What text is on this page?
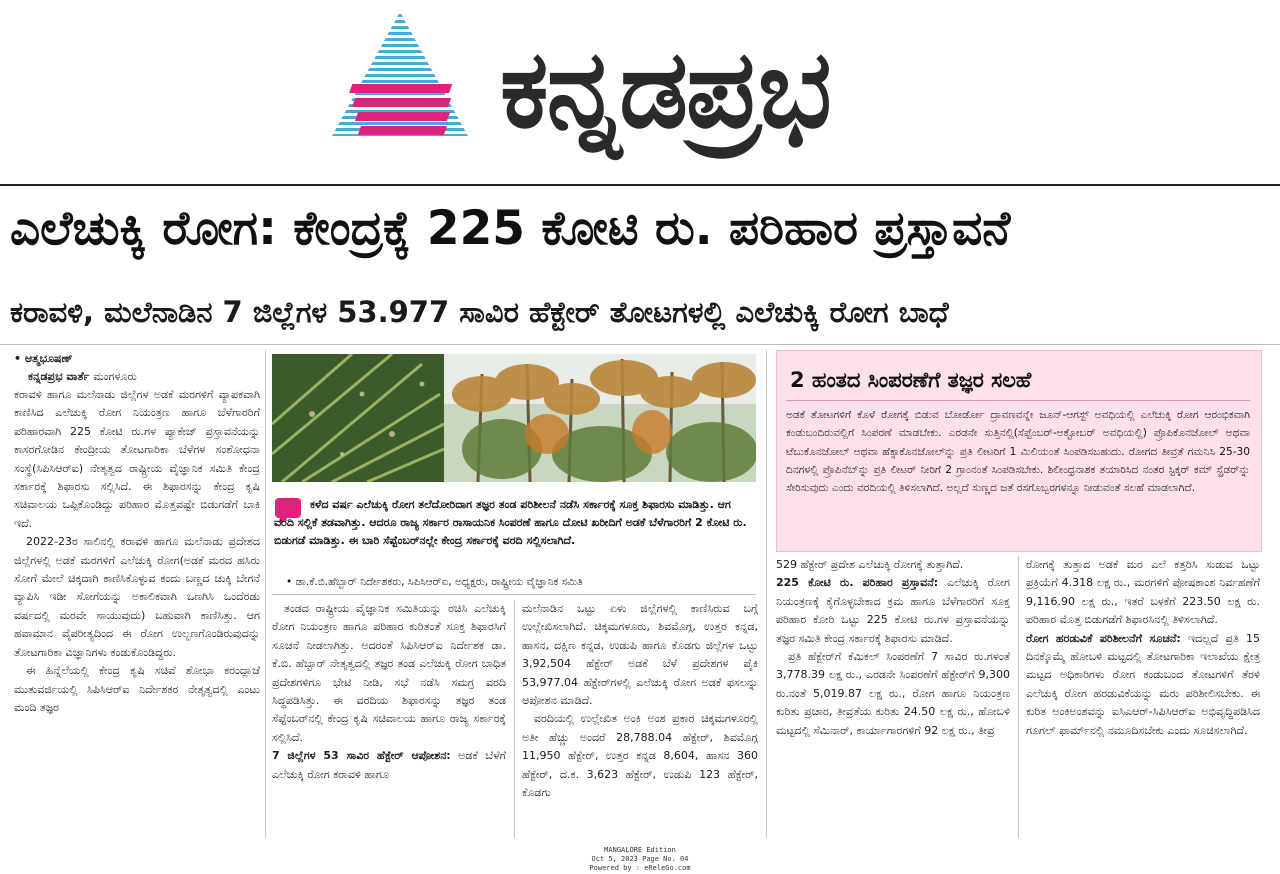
ಕನ್ನಡಪ್ರಭ
ಎಲೆಚುಕ್ಕಿ ರೋಗ: ಕೇಂದ್ರಕ್ಕೆ 225 ಕೋಟಿ ರು. ಪರಿಹಾರ ಪ್ರಸ್ತಾವನೆ
ಕರಾವಳಿ, ಮಲೆನಾಡಿನ 7 ಜಿಲ್ಲೆಗಳ 53.977 ಸಾವಿರ ಹೆಕ್ಟೇರ್ ತೋಟಗಳಲ್ಲಿ ಎಲೆಚುಕ್ಕಿ ರೋಗ ಬಾಧೆ
• ಆತ್ಮಭೂಷಣ್
ಕನ್ನಡಪ್ರಭ ವಾರ್ತೆ ಮಂಗಳೂರು

ಕರಾವಳಿ ಹಾಗೂ ಮಲೆನಾಡು ಜಿಲ್ಲೆಗಳ ಅಡಕೆ ಮರಗಳಿಗೆ ವ್ಯಾಪಕವಾಗಿ ಕಾಣಿಸಿದ ಎಲೆಚುಕ್ಕಿ ರೋಗ ನಿಯಂತ್ರಣ ಹಾಗೂ ಬೆಳೆಗಾರರಿಗೆ ಪರಿಹಾರವಾಗಿ 225 ಕೋಟಿ ರು.ಗಳ ಪ್ಯಾಕೇಜ್ ಪ್ರಸ್ತಾವನೆಯನ್ನು ಕಾಸರಗೋಡಿನ ಕೇಂದ್ರೀಯ ತೋಟಗಾರಿಕಾ ಬೆಳೆಗಳ ಸಂಶೋಧನಾ ಸಂಸ್ಥೆ(ಸಿಪಿಸಿಆರ್‌ಐ) ನೇತೃತ್ವದ ರಾಷ್ಟ್ರೀಯ ವೈಜ್ಞಾನಿಕ ಸಮಿತಿ ಕೇಂದ್ರ ಸರ್ಕಾರಕ್ಕೆ ಶಿಫಾರಸು ಸಲ್ಲಿಸಿದೆ. ಈ ಶಿಫಾರಸನ್ನು ಕೇಂದ್ರ ಕೃಷಿ ಸಚಿವಾಲಯ ಒಪ್ಪಿಕೊಂಡಿದ್ದು ಪರಿಹಾರ ಮೊತ್ತವಷ್ಟೇ ಬಿಡುಗಡೆಗೆ ಬಾಕಿ ಇದೆ.

2022-23ರ ಸಾಲಿನಲ್ಲಿ ಕರಾವಳಿ ಹಾಗೂ ಮಲೆನಾಡು ಪ್ರದೇಶದ ಜಿಲ್ಲೆಗಳಲ್ಲಿ ಅಡಕೆ ಮರಗಳಿಗೆ ಎಲೆಚುಕ್ಕಿ ರೋಗ(ಅಡಕೆ ಮರದ ಹಸಿರು ಸೋಗೆ ಮೇಲೆ ಚಿಕ್ಕದಾಗಿ ಕಾಣಿಸಿಕೊಳ್ಳುವ ಕಂದು ಬಣ್ಣದ ಚುಕ್ಕಿ ಬೇಗನೆ ವ್ಯಾಪಿಸಿ ಇಡೀ ಸೋಗೆಯನ್ನು ಅಕಾಲಿಕವಾಗಿ ಒಣಗಿಸಿ ಒಂದೆರಡು ವರ್ಷದಲ್ಲಿ ಮರವೇ ಸಾಯುವುದು) ಬಹುವಾಗಿ ಕಾಣಿಸಿತ್ತು. ಆಗ ಹವಾಮಾನ ವೈಪರೀತ್ಯದಿಂದ ಈ ರೋಗ ಉಲ್ಬಣಗೊಂಡಿರುವುದನ್ನು ತೋಟಗಾರಿಕಾ ವಿಜ್ಞಾನಿಗಳು ಕಂಡುಕೊಂಡಿದ್ದರು.

ಈ ಹಿನ್ನೆಲೆಯಲ್ಲಿ ಕೇಂದ್ರ ಕೃಷಿ ಸಚಿವೆ ಶೋಭಾ ಕರಂದ್ಲಾಜೆ ಮುತುವರ್ಜಿಯಲ್ಲಿ ಸಿಪಿಸಿಆರ್‌ಐ ನಿರ್ದೇಶಕರ ನೇತೃತ್ವದಲ್ಲಿ ಎಂಟು ಮಂದಿ ತಜ್ಞರ

ಕಳೆದ ವರ್ಷ ಎಲೆಚುಕ್ಕಿ ರೋಗ ತಲೆದೋರಿದಾಗ ತಜ್ಞರ ತಂಡ ಪರಿಶೀಲನೆ ನಡೆಸಿ ಸರ್ಕಾರಕ್ಕೆ ಸೂಕ್ತ ಶಿಫಾರಸು ಮಾಡಿತ್ತು. ಆಗ ವರದಿ ಸಲ್ಲಿಕೆ ತಡವಾಗಿತ್ತು. ಆದರೂ ರಾಜ್ಯ ಸರ್ಕಾರ ರಾಸಾಯನಿಕ ಸಿಂಪರಣೆ ಹಾಗೂ ದೋಟಿ ಖರೀದಿಗೆ ಅಡಕೆ ಬೆಳೆಗಾರರಿಗೆ 2 ಕೋಟಿ ರು. ಬಿಡುಗಡೆ ಮಾಡಿತ್ತು. ಈ ಬಾರಿ ಸೆಪ್ಟೆಂಬರ್‌ನಲ್ಲೇ ಕೇಂದ್ರ ಸರ್ಕಾರಕ್ಕೆ ವರದಿ ಸಲ್ಲಿಸಲಾಗಿದೆ.
• ಡಾ.ಕೆ.ಬಿ.ಹೆಬ್ಬಾರ್ ನಿರ್ದೇಶಕರು, ಸಿಪಿಸಿಆರ್‌ಐ, ಅಧ್ಯಕ್ಷರು, ರಾಷ್ಟ್ರೀಯ ವೈಜ್ಞಾನಿಕ ಸಮಿತಿ

ತಂಡದ ರಾಷ್ಟ್ರೀಯ ವೈಜ್ಞಾನಿಕ ಸಮಿತಿಯನ್ನು ರಚಿಸಿ ಎಲೆಚುಕ್ಕಿ ರೋಗ ನಿಯಂತ್ರಣ ಹಾಗೂ ಪರಿಹಾರ ಕುರಿತಂತೆ ಸೂಕ್ತ ಶಿಫಾರಸಿಗೆ ಸೂಚನೆ ನೀಡಲಾಗಿತ್ತು. ಅದರಂತೆ ಸಿಪಿಸಿಆರ್‌ಐ ನಿರ್ದೇಶಕ ಡಾ. ಕೆ.ಬಿ. ಹೆಬ್ಬಾರ್ ನೇತೃತ್ವದಲ್ಲಿ ತಜ್ಞರ ತಂಡ ಎಲೆಚುಕ್ಕಿ ರೋಗ ಬಾಧಿತ ಪ್ರದೇಶಗಳಿಗೂ ಭೇಟಿ ನೀಡಿ, ಸಭೆ ನಡೆಸಿ ಸಮಗ್ರ ವರದಿ ಸಿದ್ಧಪಡಿಸಿತ್ತು. ಈ ವರದಿಯ ಶಿಫಾರಸನ್ನು ತಜ್ಞರ ತಂಡ ಸೆಪ್ಟೆಂಬರ್‌ನಲ್ಲಿ ಕೇಂದ್ರ ಕೃಷಿ ಸಚಿವಾಲಯ ಹಾಗೂ ರಾಜ್ಯ ಸರ್ಕಾರಕ್ಕೆ ಸಲ್ಲಿಸಿದೆ.

7 ಜಿಲ್ಲೆಗಳ 53 ಸಾವಿರ ಹೆಕ್ಟೇರ್ ಆಪೋಶನ: ಅಡಕೆ ಬೆಳೆಗೆ ಎಲೆಚುಕ್ಕಿ ರೋಗ ಕರಾವಳಿ ಹಾಗೂ

ಮಲೆನಾಡಿನ ಒಟ್ಟು ಏಳು ಜಿಲ್ಲೆಗಳಲ್ಲಿ ಕಾಣಿಸಿರುವ ಬಗ್ಗೆ ಉಲ್ಲೇಖಿಸಲಾಗಿದೆ. ಚಿಕ್ಕಮಗಳೂರು, ಶಿವಮೊಗ್ಗ, ಉತ್ತರ ಕನ್ನಡ, ಹಾಸನ, ದಕ್ಷಿಣ ಕನ್ನಡ, ಉಡುಪಿ ಹಾಗೂ ಕೊಡಗು ಜಿಲ್ಲೆಗಳ ಒಟ್ಟು 3,92,504 ಹೆಕ್ಟೇರ್ ಅಡಕೆ ಬೆಳೆ ಪ್ರದೇಶಗಳ ಪೈಕಿ 53,977.04 ಹೆಕ್ಟೇರ್‌ಗಳಲ್ಲಿ ಎಲೆಚುಕ್ಕಿ ರೋಗ ಅಡಕೆ ಫಸಲನ್ನು ಆಪೋಶನ ಮಾಡಿದೆ.

ವರದಿಯಲ್ಲಿ ಉಲ್ಲೇಖಿತ ಅಂಕಿ ಅಂಶ ಪ್ರಕಾರ ಚಿಕ್ಕಮಗಳೂರಲ್ಲಿ ಅತೀ ಹೆಚ್ಚು ಅಂದರೆ 28,788.04 ಹೆಕ್ಟೇರ್, ಶಿವಮೊಗ್ಗ 11,950 ಹೆಕ್ಟೇರ್, ಉತ್ತರ ಕನ್ನಡ 8,604, ಹಾಸನ 360 ಹೆಕ್ಟೇರ್, ದ.ಕ. 3,623 ಹೆಕ್ಟೇರ್, ಉಡುಪಿ 123 ಹೆಕ್ಟೇರ್, ಕೊಡಗು

2 ಹಂತದ ಸಿಂಪರಣೆಗೆ ತಜ್ಞರ ಸಲಹೆ
ಅಡಕೆ ತೋಟಗಳಿಗೆ ಕೊಳೆ ರೋಗಕ್ಕೆ ಬಿಡುವ ಬೋರ್ಡೋ ದ್ರಾವಣವನ್ನೇ ಜೂನ್-ಆಗಸ್ಟ್ ಅವಧಿಯಲ್ಲಿ ಎಲೆಚುಕ್ಕಿ ರೋಗ ಆರಂಭಿಕವಾಗಿ ಕಂಡುಬಂದಿರುವಲ್ಲಿಗೆ ಸಿಂಪರಣೆ ಮಾಡಬೇಕು. ಎರಡನೇ ಸುತ್ತಿನಲ್ಲಿ(ಸೆಪ್ಟೆಂಬರ್-ಅಕ್ಟೋಬರ್ ಅವಧಿಯಲ್ಲಿ) ಪ್ರೊಪಿಕೊನಜೋಲ್ ಅಥವಾ ಟೆಬುಕೊನಜೋಲ್ ಅಥವಾ ಹೆಕ್ಸಾಕೊನಜೋಲ್‌ನ್ನು ಪ್ರತಿ ಲೀಟರಿಗೆ 1 ಮಿಲಿಯಂತೆ ಸಿಂಪಡಿಸಬಹುದು. ರೋಗದ ತೀವ್ರತೆ ಗಮನಿಸಿ 25-30 ದಿನಗಳಲ್ಲಿ ಪ್ರೊಪಿನೆಬ್‌ನ್ನು ಪ್ರತಿ ಲೀಟರ್ ನೀರಿಗೆ 2 ಗ್ರಾಂನಂತೆ ಸಿಂಪಡಿಸಬೇಕು. ಶಿಲೀಂಧ್ರನಾಶಕ ತಯಾರಿಸಿದ ನಂತರ ಸ್ಟಿಕ್ಕರ್ ಕಮ್ ಸ್ಪ್ರೆಡರ್‌ನ್ನು ಸೇರಿಸುವುದು ಎಂದು ವರದಿಯಲ್ಲಿ ತಿಳಿಸಲಾಗಿದೆ. ಅಲ್ಲದೆ ಸುಣ್ಣದ ಜತೆ ರಸಗೊಬ್ಬರಗಳನ್ನೂ ನೀಡುವಂತೆ ಸಲಹೆ ಮಾಡಲಾಗಿದೆ.

529 ಹೆಕ್ಟೇರ್ ಪ್ರದೇಶ ಎಲೆಚುಕ್ಕಿ ರೋಗಕ್ಕೆ ತುತ್ತಾಗಿದೆ.

225 ಕೋಟಿ ರು. ಪರಿಹಾರ ಪ್ರಸ್ತಾವನೆ: ಎಲೆಚುಕ್ಕಿ ರೋಗ ನಿಯಂತ್ರಣಕ್ಕೆ ಕೈಗೊಳ್ಳಬೇಕಾದ ಕ್ರಮ ಹಾಗೂ ಬೆಳೆಗಾರರಿಗೆ ಸೂಕ್ತ ಪರಿಹಾರ ಕೋರಿ ಒಟ್ಟು 225 ಕೋಟಿ ರು.ಗಳ ಪ್ರಸ್ತಾವನೆಯನ್ನು ತಜ್ಞರ ಸಮಿತಿ ಕೇಂದ್ರ ಸರ್ಕಾರಕ್ಕೆ ಶಿಫಾರಸು ಮಾಡಿದೆ.

ಪ್ರತಿ ಹೆಕ್ಟೇರ್‌ಗೆ ಕೆಮಿಕಲ್ ಸಿಂಪರಣೆಗೆ 7 ಸಾವಿರ ರು.ಗಳಂತೆ 3,778.39 ಲಕ್ಷ ರು., ಎರಡನೇ ಸಿಂಪರಣೆಗೆ ಹೆಕ್ಟೇರ್‌ಗೆ 9,300 ರು.ನಂತೆ 5,019.87 ಲಕ್ಷ ರು., ರೋಗ ಹಾಗೂ ನಿಯಂತ್ರಣ ಕುರಿತು ಪ್ರಚಾರ, ತೀವ್ರತೆಯ ಕುರಿತು 24.50 ಲಕ್ಷ ರು., ಹೋಬಳಿ ಮಟ್ಟದಲ್ಲಿ ಸೆಮಿನಾರ್, ಕಾರ್ಯಾಗಾರಗಳಿಗೆ 92 ಲಕ್ಷ ರು., ತೀವ್ರ

ರೋಗಕ್ಕೆ ತುತ್ತಾದ ಅಡಕೆ ಮರ ಎಲೆ ಕತ್ತರಿಸಿ ಸುಡುವ ಒಟ್ಟು ಪ್ರಕ್ರಿಯೆಗೆ 4.318 ಲಕ್ಷ ರು., ಮರಗಳಿಗೆ ಪೋಷಕಾಂಶ ನಿರ್ವಹಣೆಗೆ 9,116.90 ಲಕ್ಷ ರು., ಇತರೆ ಬಳಕೆಗೆ 223.50 ಲಕ್ಷ ರು. ಪರಿಹಾರ ಮೊತ್ತ ಬಿಡುಗಡೆಗೆ ಶಿಫಾರಸಿನಲ್ಲಿ ತಿಳಿಸಲಾಗಿದೆ.

ರೋಗ ಹರಡುವಿಕೆ ಪರಿಶೀಲನೆಗೆ ಸೂಚನೆ: ಇದಲ್ಲದೆ ಪ್ರತಿ 15 ದಿನಕ್ಕೊಮ್ಮೆ ಹೋಬಳಿ ಮಟ್ಟದಲ್ಲಿ ತೋಟಗಾರಿಕಾ ಇಲಾಖೆಯ ಕ್ಷೇತ್ರ ಮಟ್ಟದ ಅಧಿಕಾರಿಗಳು ರೋಗ ಕಂಡುಬಂದ ತೋಟಗಳಿಗೆ ತೆರಳಿ ಎಲೆಚುಕ್ಕಿ ರೋಗ ಹರಡುವಿಕೆಯನ್ನು ಮರು ಪರಿಶೀಲಿಸಬೇಕು. ಈ ಕುರಿತ ಅಂಕಿಅಂಶವನ್ನು ಐಸಿಎಆರ್-ಸಿಪಿಸಿಆರ್‌ಐ ಅಭಿವೃದ್ಧಿಪಡಿಸಿದ ಗೂಗಲ್ ಫಾರ್ಮ್‌ನಲ್ಲಿ ನಮೂದಿಸಬೇಕು ಎಂದು ಸೂಚಿಸಲಾಗಿದೆ.

MANGALORE Edition
Oct 5, 2023 Page No. 04
Powered by : eReleGo.com
